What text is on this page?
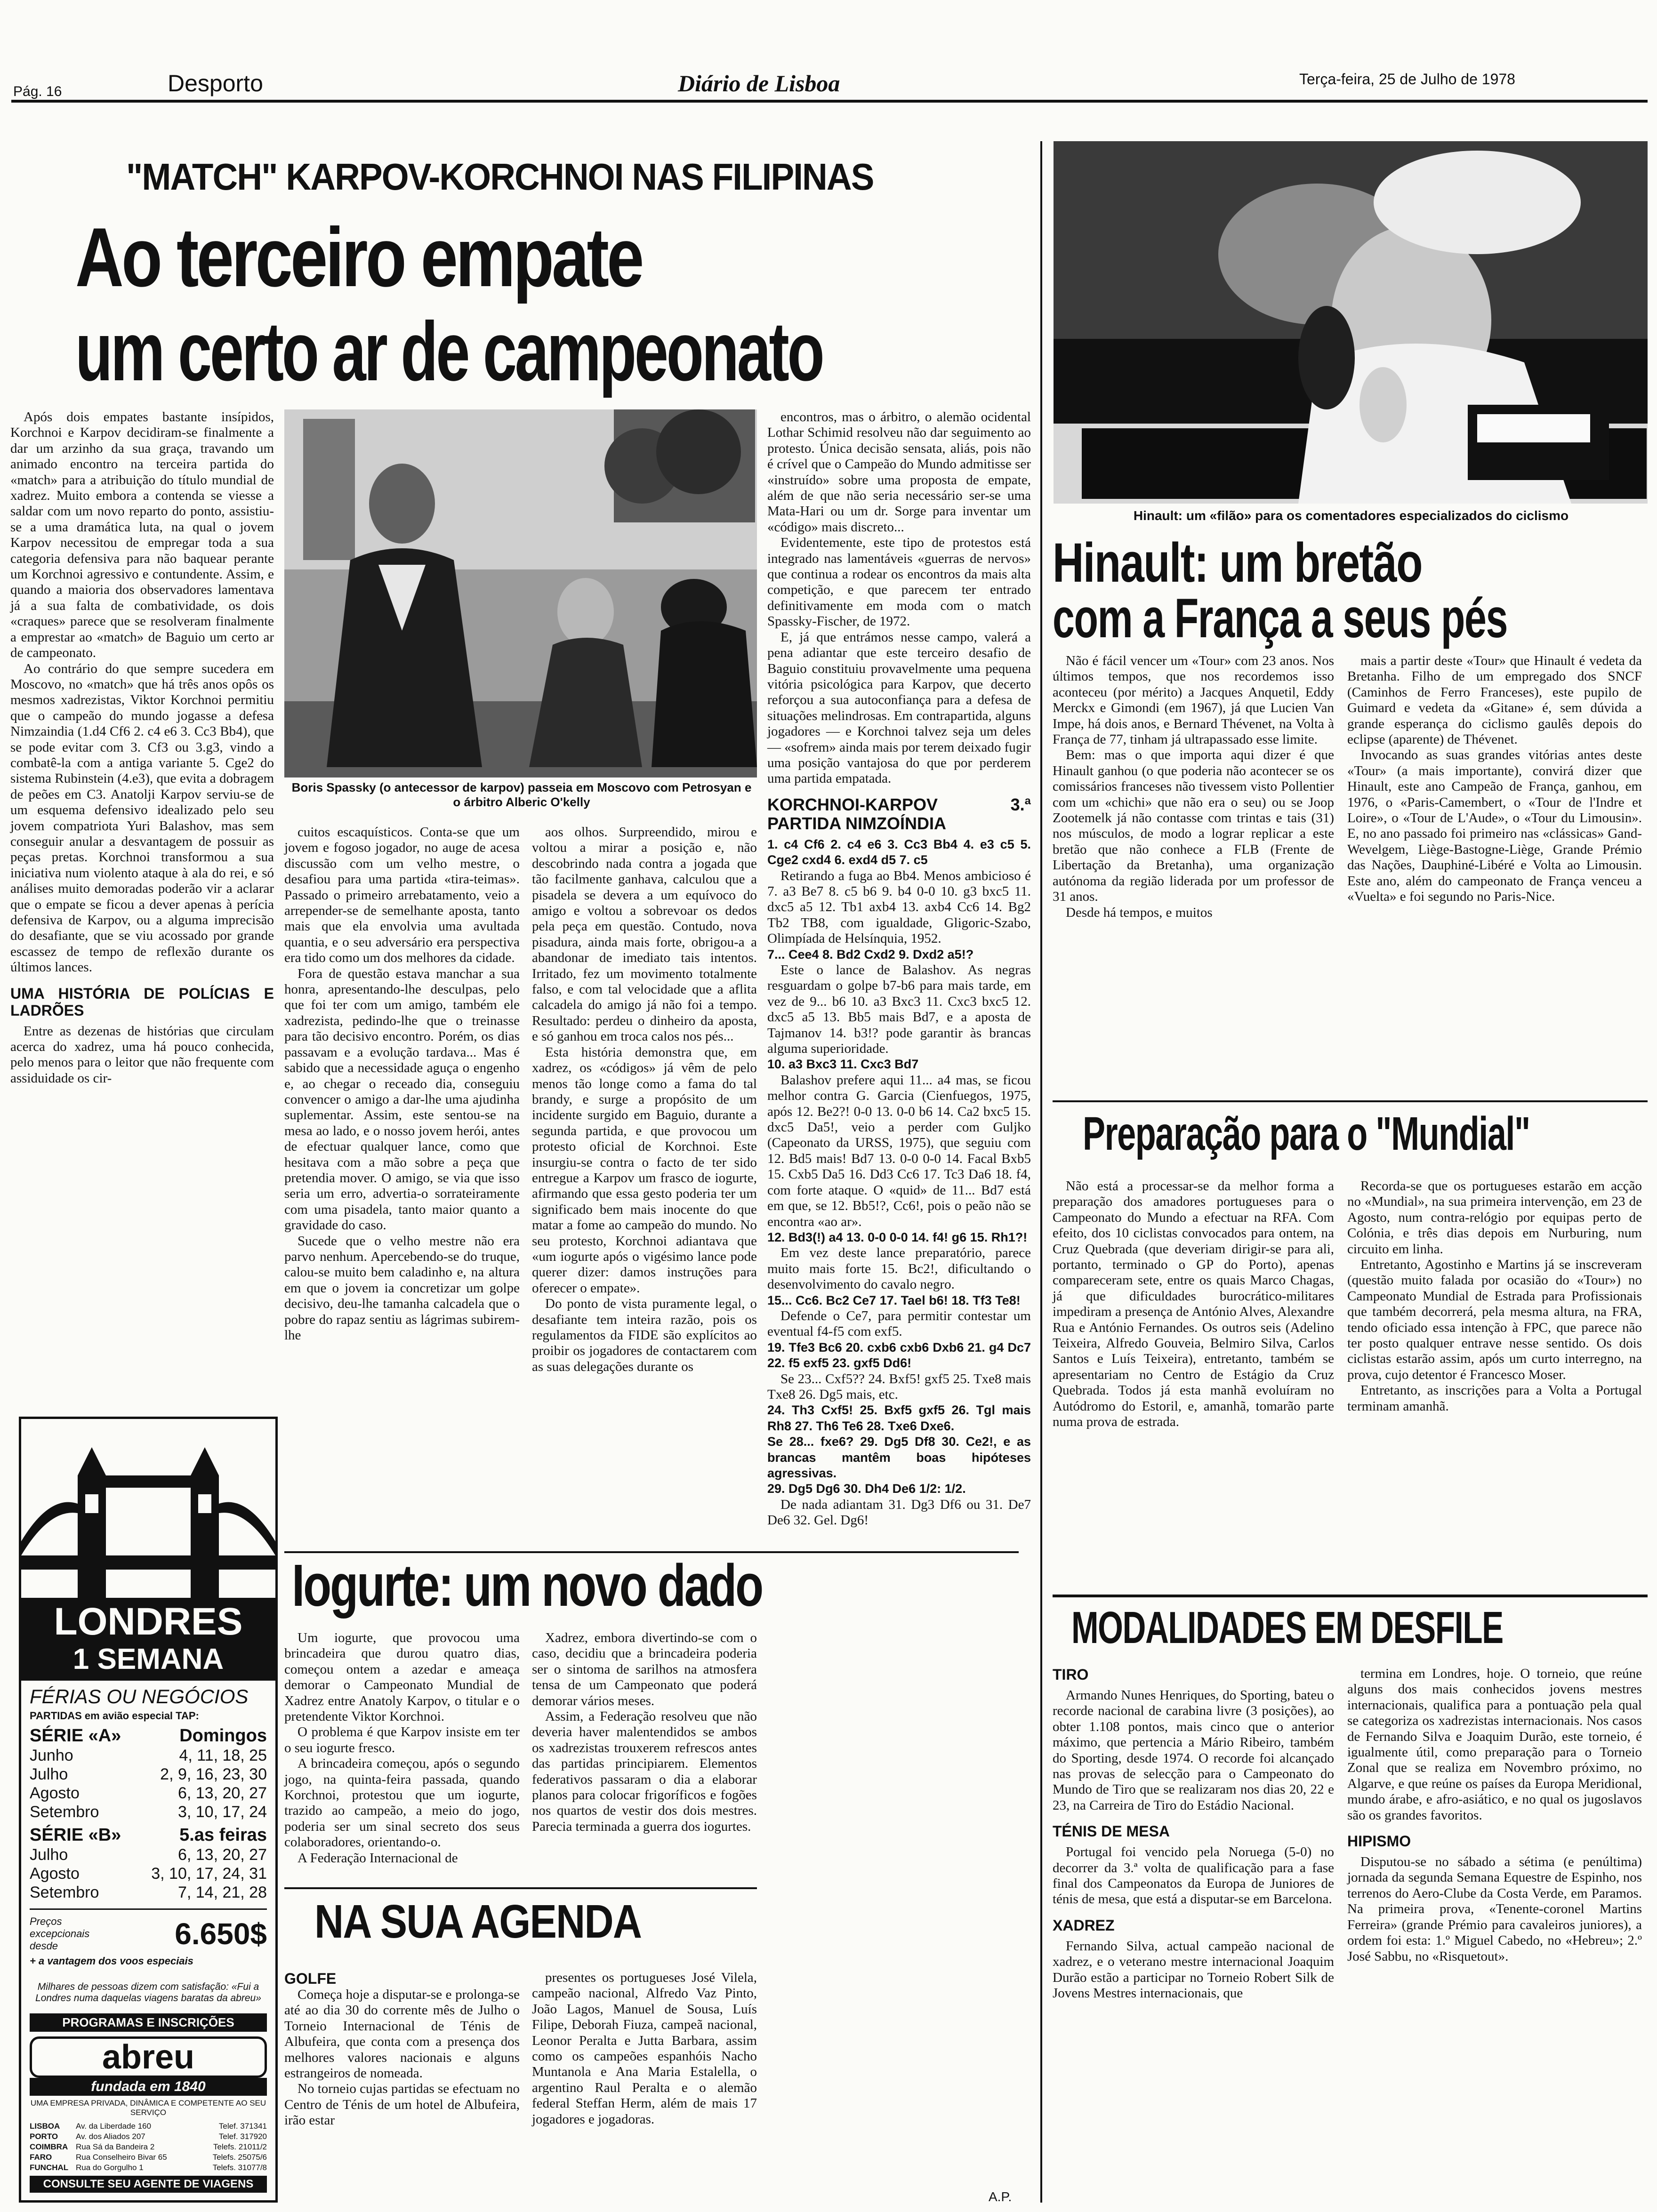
Pág. 16	Desporto	Diário de Lisboa	Terça-feira, 25 de Julho de 1978
"MATCH" KARPOV-KORCHNOI NAS FILIPINAS
Ao terceiro empate
um certo ar de campeonato

Após dois empates bastante insípidos, Korchnoi e Karpov decidiram-se finalmente a dar um arzinho da sua graça, travando um animado encontro na terceira partida do «match» para a atribuição do título mundial de xadrez. Muito embora a contenda se viesse a saldar com um novo reparto do ponto, assistiu-se a uma dramática luta, na qual o jovem Karpov necessitou de empregar toda a sua categoria defensiva para não baquear perante um Korchnoi agressivo e contundente. Assim, e quando a maioria dos observadores lamentava já a sua falta de combatividade, os dois «craques» parece que se resolveram finalmente a emprestar ao «match» de Baguio um certo ar de campeonato.

Ao contrário do que sempre sucedera em Moscovo, no «match» que há três anos opôs os mesmos xadrezistas, Viktor Korchnoi permitiu que o campeão do mundo jogasse a defesa Nimzaindia (1.d4 Cf6 2. c4 e6 3. Cc3 Bb4), que se pode evitar com 3. Cf3 ou 3.g3, vindo a combatê-la com a antiga variante 5. Cge2 do sistema Rubinstein (4.e3), que evita a dobragem de peões em C3. Anatolji Karpov serviu-se de um esquema defensivo idealizado pelo seu jovem compatriota Yuri Balashov, mas sem conseguir anular a desvantagem de possuir as peças pretas. Korchnoi transformou a sua iniciativa num violento ataque à ala do rei, e só análises muito demoradas poderão vir a aclarar que o empate se ficou a dever apenas à perícia defensiva de Karpov, ou a alguma imprecisão do desafiante, que se viu acossado por grande escassez de tempo de reflexão durante os últimos lances.

UMA HISTÓRIA DE POLÍCIAS E LADRÕES

Entre as dezenas de histórias que circulam acerca do xadrez, uma há pouco conhecida, pelo menos para o leitor que não frequente com assiduidade os cir-

Boris Spassky (o antecessor de karpov) passeia em Moscovo com Petrosyan e o árbitro Alberic O'kelly

cuitos escaquísticos. Conta-se que um jovem e fogoso jogador, no auge de acesa discussão com um velho mestre, o desafiou para uma partida «tira-teimas». Passado o primeiro arrebatamento, veio a arrepender-se de semelhante aposta, tanto mais que ela envolvia uma avultada quantia, e o seu adversário era perspectiva era tido como um dos melhores da cidade.

Fora de questão estava manchar a sua honra, apresentando-lhe desculpas, pelo que foi ter com um amigo, também ele xadrezista, pedindo-lhe que o treinasse para tão decisivo encontro. Porém, os dias passavam e a evolução tardava... Mas é sabido que a necessidade aguça o engenho e, ao chegar o receado dia, conseguiu convencer o amigo a dar-lhe uma ajudinha suplementar. Assim, este sentou-se na mesa ao lado, e o nosso jovem herói, antes de efectuar qualquer lance, como que hesitava com a mão sobre a peça que pretendia mover. O amigo, se via que isso seria um erro, advertia-o sorrateiramente com uma pisadela, tanto maior quanto a gravidade do caso.

Sucede que o velho mestre não era parvo nenhum. Apercebendo-se do truque, calou-se muito bem caladinho e, na altura em que o jovem ia concretizar um golpe decisivo, deu-lhe tamanha calcadela que o pobre do rapaz sentiu as lágrimas subirem-lhe

aos olhos. Surpreendido, mirou e voltou a mirar a posição e, não descobrindo nada contra a jogada que tão facilmente ganhava, calculou que a pisadela se devera a um equívoco do amigo e voltou a sobrevoar os dedos pela peça em questão. Contudo, nova pisadura, ainda mais forte, obrigou-a a abandonar de imediato tais intentos. Irritado, fez um movimento totalmente falso, e com tal velocidade que a aflita calcadela do amigo já não foi a tempo. Resultado: perdeu o dinheiro da aposta, e só ganhou em troca calos nos pés...

Esta história demonstra que, em xadrez, os «códigos» já vêm de pelo menos tão longe como a fama do tal brandy, e surge a propósito de um incidente surgido em Baguio, durante a segunda partida, e que provocou um protesto oficial de Korchnoi. Este insurgiu-se contra o facto de ter sido entregue a Karpov um frasco de iogurte, afirmando que essa gesto poderia ter um significado bem mais inocente do que matar a fome ao campeão do mundo. No seu protesto, Korchnoi adiantava que «um iogurte após o vigésimo lance pode querer dizer: damos instruções para oferecer o empate».

Do ponto de vista puramente legal, o desafiante tem inteira razão, pois os regulamentos da FIDE são explícitos ao proibir os jogadores de contactarem com as suas delegações durante os

encontros, mas o árbitro, o alemão ocidental Lothar Schimid resolveu não dar seguimento ao protesto. Única decisão sensata, aliás, pois não é crível que o Campeão do Mundo admitisse ser «instruído» sobre uma proposta de empate, além de que não seria necessário ser-se uma Mata-Hari ou um dr. Sorge para inventar um «código» mais discreto...

Evidentemente, este tipo de protestos está integrado nas lamentáveis «guerras de nervos» que continua a rodear os encontros da mais alta competição, e que parecem ter entrado definitivamente em moda com o match Spassky-Fischer, de 1972.

E, já que entrámos nesse campo, valerá a pena adiantar que este terceiro desafio de Baguio constituiu provavelmente uma pequena vitória psicológica para Karpov, que decerto reforçou a sua autoconfiança para a defesa de situações melindrosas. Em contrapartida, alguns jogadores — e Korchnoi talvez seja um deles — «sofrem» ainda mais por terem deixado fugir uma posição vantajosa do que por perderem uma partida empatada.

KORCHNOI-KARPOV 3.ª PARTIDA NIMZOÍNDIA

1. c4 Cf6 2. c4 e6 3. Cc3 Bb4 4. e3 c5 5. Cge2 cxd4 6. exd4 d5 7. c5

Retirando a fuga ao Bb4. Menos ambicioso é 7. a3 Be7 8. c5 b6 9. b4 0-0 10. g3 bxc5 11. dxc5 a5 12. Tb1 axb4 13. axb4 Cc6 14. Bg2 Tb2 TB8, com igualdade, Gligoric-Szabo, Olimpíada de Helsínquia, 1952.

7... Cee4 8. Bd2 Cxd2 9. Dxd2 a5!?

Este o lance de Balashov. As negras resguardam o golpe b7-b6 para mais tarde, em vez de 9... b6 10. a3 Bxc3 11. Cxc3 bxc5 12. dxc5 a5 13. Bb5 mais Bd7, e a aposta de Tajmanov 14. b3!? pode garantir às brancas alguma superioridade.

10. a3 Bxc3 11. Cxc3 Bd7

Balashov prefere aqui 11... a4 mas, se ficou melhor contra G. Garcia (Cienfuegos, 1975, após 12. Be2?! 0-0 13. 0-0 b6 14. Ca2 bxc5 15. dxc5 Da5!, veio a perder com Guljko (Capeonato da URSS, 1975), que seguiu com 12. Bd5 mais! Bd7 13. 0-0 0-0 14. Facal Bxb5 15. Cxb5 Da5 16. Dd3 Cc6 17. Tc3 Da6 18. f4, com forte ataque. O «quid» de 11... Bd7 está em que, se 12. Bb5!?, Cc6!, pois o peão não se encontra «ao ar».

12. Bd3(!) a4 13. 0-0 0-0 14. f4! g6 15. Rh1?!

Em vez deste lance preparatório, parece muito mais forte 15. Bc2!, dificultando o desenvolvimento do cavalo negro.

15... Cc6. Bc2 Ce7 17. Tael b6! 18. Tf3 Te8!

Defende o Ce7, para permitir contestar um eventual f4-f5 com exf5.

19. Tfe3 Bc6 20. cxb6 cxb6 Dxb6 21. g4 Dc7 22. f5 exf5 23. gxf5 Dd6!

Se 23... Cxf5?? 24. Bxf5! gxf5 25. Txe8 mais Txe8 26. Dg5 mais, etc.

24. Th3 Cxf5! 25. Bxf5 gxf5 26. Tgl mais Rh8 27. Th6 Te6 28. Txe6 Dxe6.

Se 28... fxe6? 29. Dg5 Df8 30. Ce2!, e as brancas mantêm boas hipóteses agressivas.

29. Dg5 Dg6 30. Dh4 De6 1/2: 1/2.

De nada adiantam 31. Dg3 Df6 ou 31. De7 De6 32. Gel. Dg6!

A.P.
Iogurte: um novo dado

Um iogurte, que provocou uma brincadeira que durou quatro dias, começou ontem a azedar e ameaça demorar o Campeonato Mundial de Xadrez entre Anatoly Karpov, o titular e o pretendente Viktor Korchnoi.

O problema é que Karpov insiste em ter o seu iogurte fresco.

A brincadeira começou, após o segundo jogo, na quinta-feira passada, quando Korchnoi, protestou que um iogurte, trazido ao campeão, a meio do jogo, poderia ser um sinal secreto dos seus colaboradores, orientando-o.

A Federação Internacional de

Xadrez, embora divertindo-se com o caso, decidiu que a brincadeira poderia ser o sintoma de sarilhos na atmosfera tensa de um Campeonato que poderá demorar vários meses.

Assim, a Federação resolveu que não deveria haver malentendidos se ambos os xadrezistas trouxerem refrescos antes das partidas principiarem. Elementos federativos passaram o dia a elaborar planos para colocar frigoríficos e fogões nos quartos de vestir dos dois mestres. Parecia terminada a guerra dos iogurtes.

NA SUA AGENDA
GOLFE

Começa hoje a disputar-se e prolonga-se até ao dia 30 do corrente mês de Julho o Torneio Internacional de Ténis de Albufeira, que conta com a presença dos melhores valores nacionais e alguns estrangeiros de nomeada.

No torneio cujas partidas se efectuam no Centro de Ténis de um hotel de Albufeira, irão estar

presentes os portugueses José Vilela, campeão nacional, Alfredo Vaz Pinto, João Lagos, Manuel de Sousa, Luís Filipe, Deborah Fiuza, campeã nacional, Leonor Peralta e Jutta Barbara, assim como os campeões espanhóis Nacho Muntanola e Ana Maria Estalella, o argentino Raul Peralta e o alemão federal Steffan Herm, além de mais 17 jogadores e jogadoras.

LONDRES
1 SEMANA
FÉRIAS OU NEGÓCIOS
PARTIDAS em avião especial TAP:
SÉRIE «A»	Domingos
Junho	4, 11, 18, 25
Julho	2, 9, 16, 23, 30
Agosto	6, 13, 20, 27
Setembro	3, 10, 17, 24
SÉRIE «B»	5.as feiras
Julho	6, 13, 20, 27
Agosto	3, 10, 17, 24, 31
Setembro	7, 14, 21, 28
Preços excepcionais desde	6.650$
+ a vantagem dos voos especiais
Milhares de pessoas dizem com satisfação: «Fui a Londres numa daquelas viagens baratas da abreu»
PROGRAMAS E INSCRIÇÕES
abreu
fundada em 1840
UMA EMPRESA PRIVADA, DINÂMICA E COMPETENTE AO SEU SERVIÇO
LISBOA	Av. da Liberdade 160	Telef. 371341
PORTO	Av. dos Aliados 207	Telef. 317920
COIMBRA Rua Sá da Bandeira 2	Telefs. 21011/2
FARO	Rua Conselheiro Bivar 65	Telefs. 25075/6
FUNCHAL Rua do Gorgulho 1	Telefs. 31077/8
CONSULTE SEU AGENTE DE VIAGENS
Hinault: um «filão» para os comentadores especializados do ciclismo
Hinault: um bretão
com a França a seus pés

Não é fácil vencer um «Tour» com 23 anos. Nos últimos tempos, que nos recordemos isso aconteceu (por mérito) a Jacques Anquetil, Eddy Merckx e Gimondi (em 1967), já que Lucien Van Impe, há dois anos, e Bernard Thévenet, na Volta à França de 77, tinham já ultrapassado esse limite.

Bem: mas o que importa aqui dizer é que Hinault ganhou (o que poderia não acontecer se os comissários franceses não tivessem visto Pollentier com um «chichi» que não era o seu) ou se Joop Zootemelk já não contasse com trintas e tais (31) nos músculos, de modo a lograr replicar a este bretão que não conhece a FLB (Frente de Libertação da Bretanha), uma organização autónoma da região liderada por um professor de 31 anos.

Desde há tempos, e muitos

mais a partir deste «Tour» que Hinault é vedeta da Bretanha. Filho de um empregado dos SNCF (Caminhos de Ferro Franceses), este pupilo de Guimard e vedeta da «Gitane» é, sem dúvida a grande esperança do ciclismo gaulês depois do eclipse (aparente) de Thévenet.

Invocando as suas grandes vitórias antes deste «Tour» (a mais importante), convirá dizer que Hinault, este ano Campeão de França, ganhou, em 1976, o «Paris-Camembert, o «Tour de l'Indre et Loire», o «Tour de L'Aude», o «Tour du Limousin». E, no ano passado foi primeiro nas «clássicas» Gand-Wevelgem, Liège-Bastogne-Liège, Grande Prémio das Nações, Dauphiné-Libéré e Volta ao Limousin. Este ano, além do campeonato de França venceu a «Vuelta» e foi segundo no Paris-Nice.

Preparação para o "Mundial"

Não está a processar-se da melhor forma a preparação dos amadores portugueses para o Campeonato do Mundo a efectuar na RFA. Com efeito, dos 10 ciclistas convocados para ontem, na Cruz Quebrada (que deveriam dirigir-se para ali, portanto, terminado o GP do Porto), apenas compareceram sete, entre os quais Marco Chagas, já que dificuldades burocrático-militares impediram a presença de António Alves, Alexandre Rua e António Fernandes. Os outros seis (Adelino Teixeira, Alfredo Gouveia, Belmiro Silva, Carlos Santos e Luís Teixeira), entretanto, também se apresentariam no Centro de Estágio da Cruz Quebrada. Todos já esta manhã evoluíram no Autódromo do Estoril, e, amanhã, tomarão parte numa prova de estrada.

Recorda-se que os portugueses estarão em acção no «Mundial», na sua primeira intervenção, em 23 de Agosto, num contra-relógio por equipas perto de Colónia, e três dias depois em Nurburing, num circuito em linha.

Entretanto, Agostinho e Martins já se inscreveram (questão muito falada por ocasião do «Tour») no Campeonato Mundial de Estrada para Profissionais que também decorrerá, pela mesma altura, na FRA, tendo oficiado essa intenção à FPC, que parece não ter posto qualquer entrave nesse sentido. Os dois ciclistas estarão assim, após um curto interregno, na prova, cujo detentor é Francesco Moser.

Entretanto, as inscrições para a Volta a Portugal terminam amanhã.

MODALIDADES EM DESFILE

TIRO

Armando Nunes Henriques, do Sporting, bateu o recorde nacional de carabina livre (3 posições), ao obter 1.108 pontos, mais cinco que o anterior máximo, que pertencia a Mário Ribeiro, também do Sporting, desde 1974. O recorde foi alcançado nas provas de selecção para o Campeonato do Mundo de Tiro que se realizaram nos dias 20, 22 e 23, na Carreira de Tiro do Estádio Nacional.

TÉNIS DE MESA

Portugal foi vencido pela Noruega (5-0) no decorrer da 3.ª volta de qualificação para a fase final dos Campeonatos da Europa de Juniores de ténis de mesa, que está a disputar-se em Barcelona.

XADREZ

Fernando Silva, actual campeão nacional de xadrez, e o veterano mestre internacional Joaquim Durão estão a participar no Torneio Robert Silk de Jovens Mestres internacionais, que

termina em Londres, hoje. O torneio, que reúne alguns dos mais conhecidos jovens mestres internacionais, qualifica para a pontuação pela qual se categoriza os xadrezistas internacionais. Nos casos de Fernando Silva e Joaquim Durão, este torneio, é igualmente útil, como preparação para o Torneio Zonal que se realiza em Novembro próximo, no Algarve, e que reúne os países da Europa Meridional, mundo árabe, e afro-asiático, e no qual os jugoslavos são os grandes favoritos.

HIPISMO

Disputou-se no sábado a sétima (e penúltima) jornada da segunda Semana Equestre de Espinho, nos terrenos do Aero-Clube da Costa Verde, em Paramos. Na primeira prova, «Tenente-coronel Martins Ferreira» (grande Prémio para cavaleiros juniores), a ordem foi esta: 1.º Miguel Cabedo, no «Hebreu»; 2.º José Sabbu, no «Risquetout».
